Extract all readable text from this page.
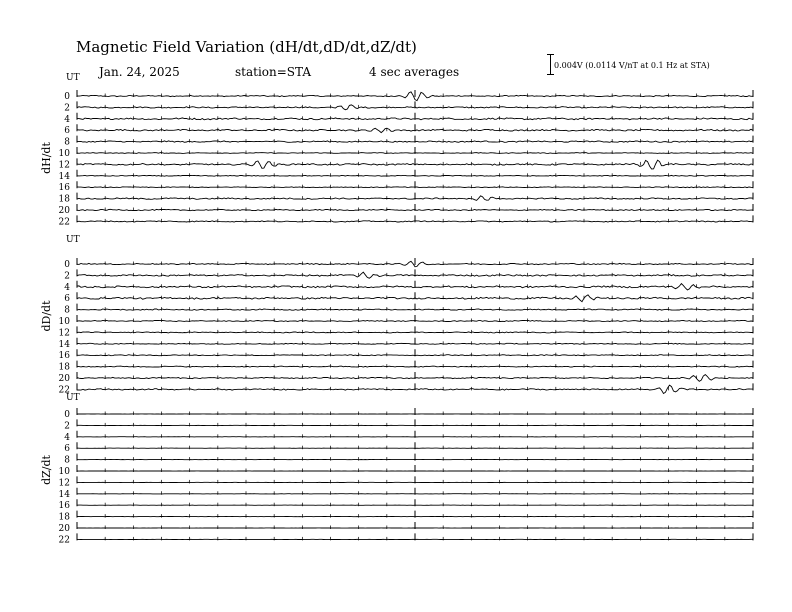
Magnetic Field Variation (dH/dt,dD/dt,dZ/dt)
Jan. 24, 2025	station=STA	4 sec averages	0.004V (0.0114 V/nT at 0.1 Hz at STA)
UT
dH/dt
0
2
4
6
8
10
12
14
16
18
20
22
UT
dD/dt
0
2
4
6
8
10
12
14
16
18
20
22
UT
dZ/dt
0
2
4
6
8
10
12
14
16
18
20
22
